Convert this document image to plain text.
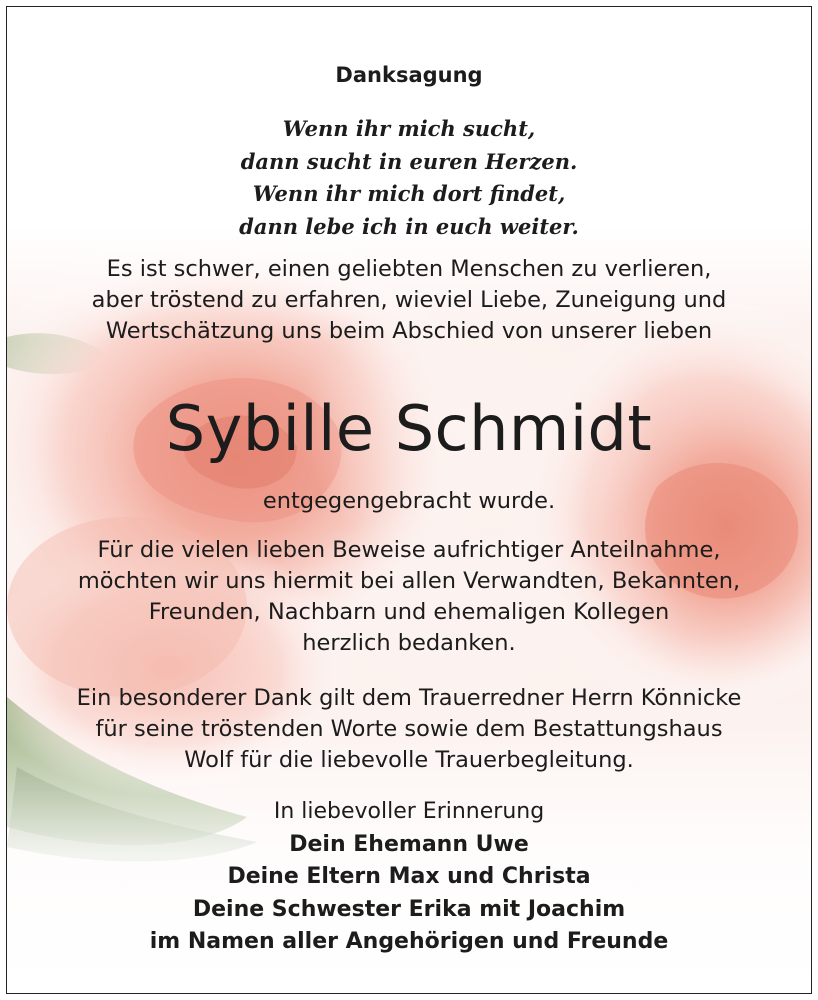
Danksagung
Wenn ihr mich sucht,
dann sucht in euren Herzen.
Wenn ihr mich dort findet,
dann lebe ich in euch weiter.
Es ist schwer, einen geliebten Menschen zu verlieren,
aber tröstend zu erfahren, wieviel Liebe, Zuneigung und
Wertschätzung uns beim Abschied von unserer lieben
Sybille Schmidt
entgegengebracht wurde.
Für die vielen lieben Beweise aufrichtiger Anteilnahme,
möchten wir uns hiermit bei allen Verwandten, Bekannten,
Freunden, Nachbarn und ehemaligen Kollegen
herzlich bedanken.
Ein besonderer Dank gilt dem Trauerredner Herrn Könnicke
für seine tröstenden Worte sowie dem Bestattungshaus
Wolf für die liebevolle Trauerbegleitung.
In liebevoller Erinnerung
Dein Ehemann Uwe
Deine Eltern Max und Christa
Deine Schwester Erika mit Joachim
im Namen aller Angehörigen und Freunde
